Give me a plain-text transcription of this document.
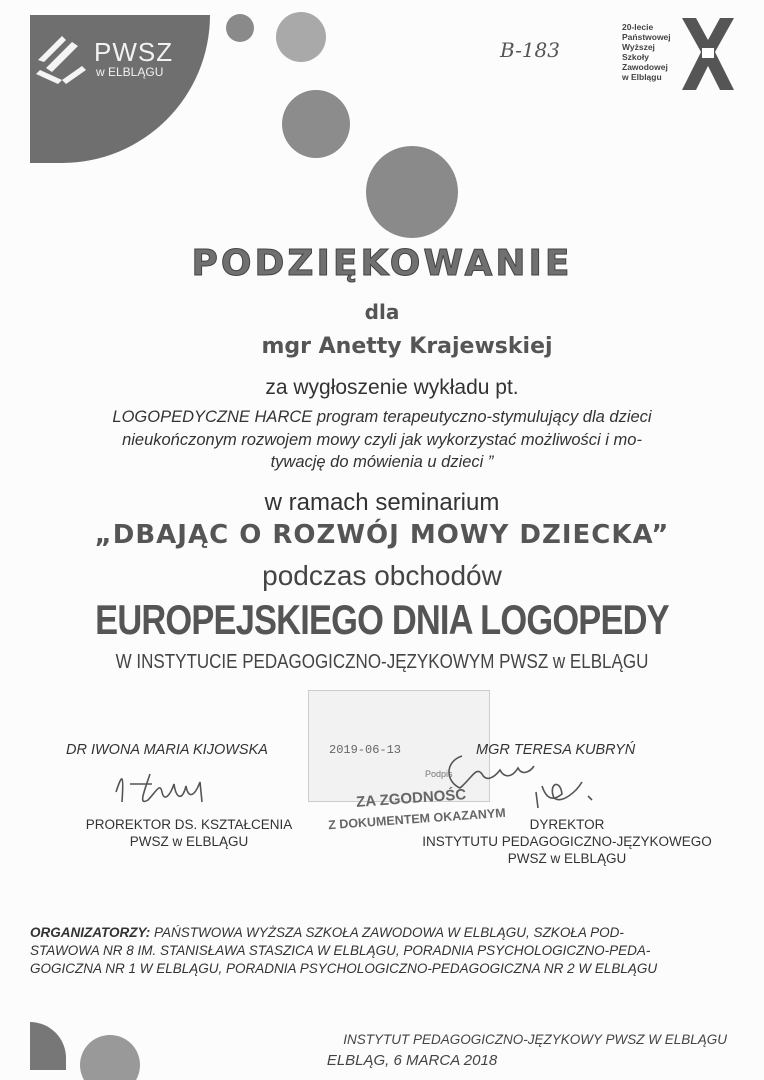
PWSZ
w ELBLĄGU
B-183
20-lecie
Państwowej
Wyższej
Szkoły
Zawodowej
w Elblągu
PODZIĘKOWANIE
dla
mgr Anetty Krajewskiej
za wygłoszenie wykładu pt.
LOGOPEDYCZNE HARCE program terapeutyczno-stymulujący dla dzieci
nieukończonym rozwojem mowy czyli jak wykorzystać możliwości i mo-
tywację do mówienia u dzieci ”
w ramach seminarium
„DBAJĄC O ROZWÓJ MOWY DZIECKA”
podczas obchodów
EUROPEJSKIEGO DNIA LOGOPEDY
W INSTYTUCIE PEDAGOGICZNO-JĘZYKOWYM PWSZ w ELBLĄGU
2019-06-13
Podpis
ZA ZGODNOŚĆ
Z DOKUMENTEM OKAZANYM
DR IWONA MARIA KIJOWSKA
PROREKTOR DS. KSZTAŁCENIA
PWSZ w ELBLĄGU
MGR TERESA KUBRYŃ
DYREKTOR
INSTYTUTU PEDAGOGICZNO-JĘZYKOWEGO
PWSZ w ELBLĄGU
ORGANIZATORZY: PAŃSTWOWA WYŻSZA SZKOŁA ZAWODOWA W ELBLĄGU, SZKOŁA POD-
STAWOWA NR 8 IM. STANISŁAWA STASZICA W ELBLĄGU, PORADNIA PSYCHOLOGICZNO-PEDA-
GOGICZNA NR 1 W ELBLĄGU, PORADNIA PSYCHOLOGICZNO-PEDAGOGICZNA NR 2 W ELBLĄGU
INSTYTUT PEDAGOGICZNO-JĘZYKOWY PWSZ W ELBLĄGU
ELBLĄG, 6 MARCA 2018
